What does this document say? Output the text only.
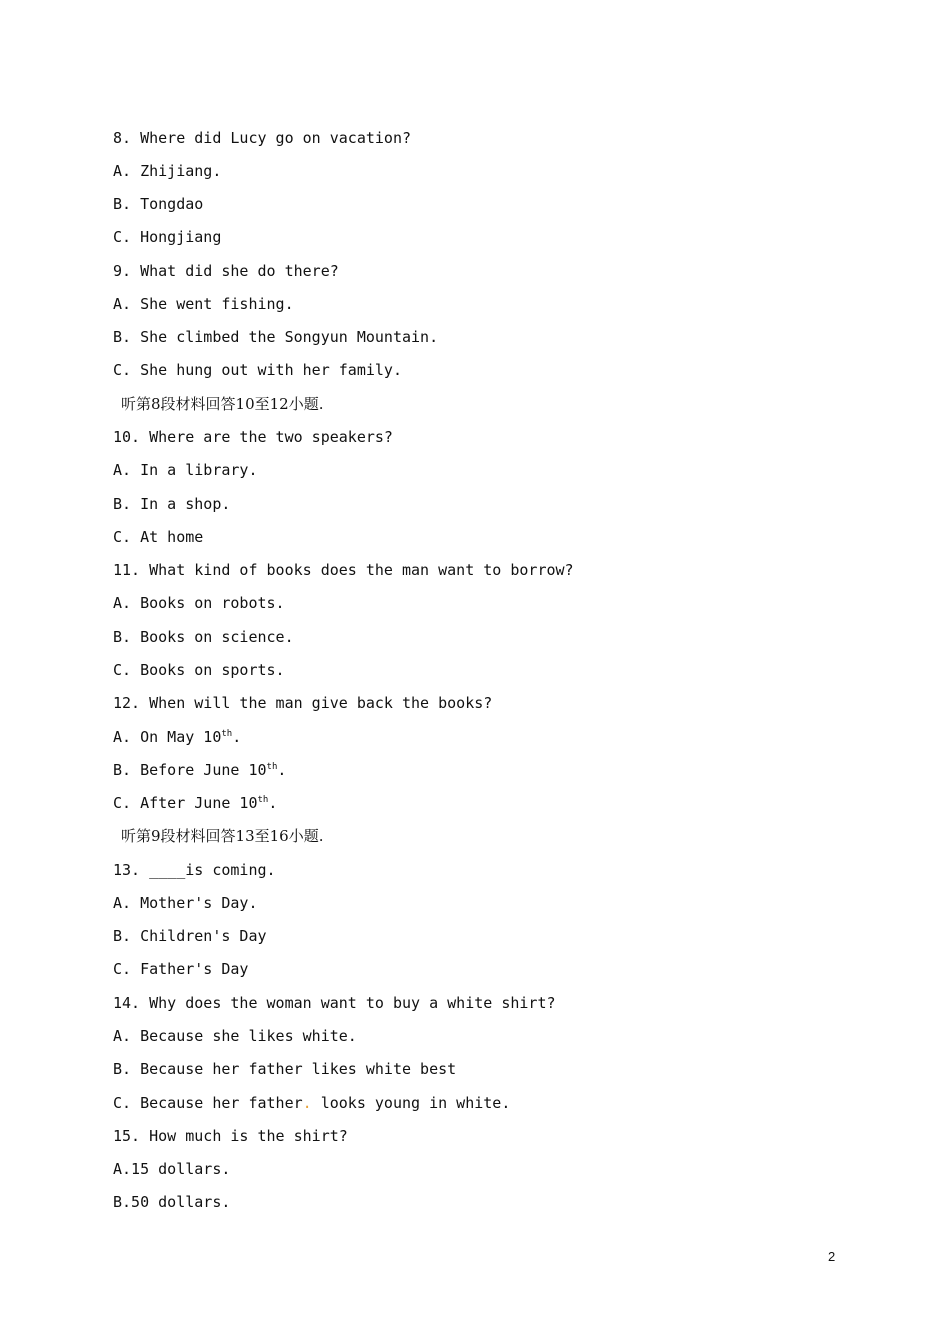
8. Where did Lucy go on vacation?
A. Zhijiang.
B. Tongdao
C. Hongjiang
9. What did she do there?
A. She went fishing.
B. She climbed the Songyun Mountain.
C. She hung out with her family.
听第8段材料回答10至12小题.
10. Where are the two speakers?
A. In a library.
B. In a shop.
C. At home
11. What kind of books does the man want to borrow?
A. Books on robots.
B. Books on science.
C. Books on sports.
12. When will the man give back the books?
A. On May 10th.
B. Before June 10th.
C. After June 10th.
听第9段材料回答13至16小题.
13. ____is coming.
A. Mother's Day.
B. Children's Day
C. Father's Day
14. Why does the woman want to buy a white shirt?
A. Because she likes white.
B. Because her father likes white best
C. Because her father. looks young in white.
15. How much is the shirt?
A.15 dollars.
B.50 dollars.
2
